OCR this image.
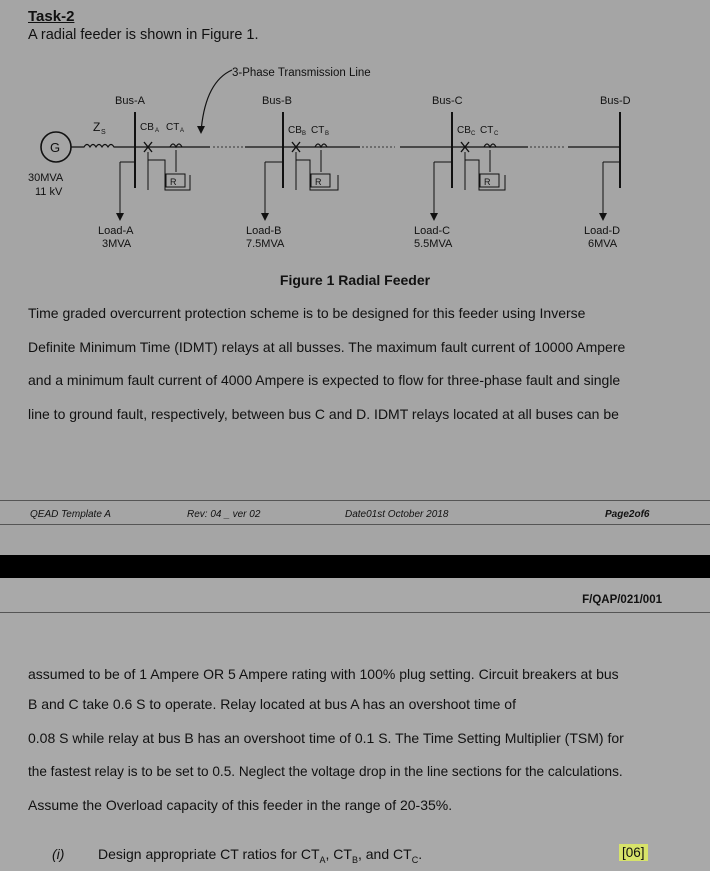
Task-2
A radial feeder is shown in Figure 1.
3-Phase Transmission Line
G
30MVA
11 kV
Z S
Bus-A
CB A CT A
R
Load-A
3MVA
Bus-B
CB B CT B
R
Load-B
7.5MVA
Bus-C
CB C CT C
R
Load-C
5.5MVA
Bus-D
Load-D
6MVA
Figure 1 Radial Feeder
Time graded overcurrent protection scheme is to be designed for this feeder using Inverse
Definite Minimum Time (IDMT) relays at all busses. The maximum fault current of 10000 Ampere
and a minimum fault current of 4000 Ampere is expected to flow for three-phase fault and single
line to ground fault, respectively, between bus C and D. IDMT relays located at all buses can be
QEAD Template A	Rev: 04 _ ver 02	Date01st October 2018	Page2of6
F/QAP/021/001
assumed to be of 1 Ampere OR 5 Ampere rating with 100% plug setting. Circuit breakers at bus
B and C take 0.6 S to operate. Relay located at bus A has an overshoot time of
0.08 S while relay at bus B has an overshoot time of 0.1 S. The Time Setting Multiplier (TSM) for
the fastest relay is to be set to 0.5. Neglect the voltage drop in the line sections for the calculations.
Assume the Overload capacity of this feeder in the range of 20-35%.
(i) Design appropriate CT ratios for $CT_A$, $CT_B$, and $CT_C$.	[06]
